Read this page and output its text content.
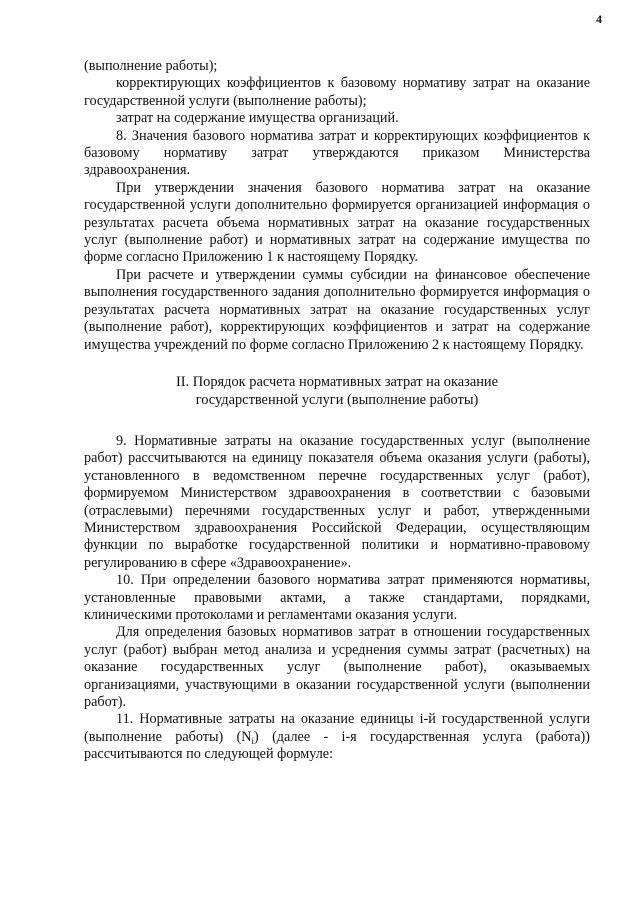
4

(выполнение работы);

корректирующих коэффициентов к базовому нормативу затрат на оказание государственной услуги (выполнение работы);

затрат на содержание имущества организаций.

8. Значения базового норматива затрат и корректирующих коэффициентов к базовому нормативу затрат утверждаются приказом Министерства здравоохранения.

При утверждении значения базового норматива затрат на оказание государственной услуги дополнительно формируется организацией информация о результатах расчета объема нормативных затрат на оказание государственных услуг (выполнение работ) и нормативных затрат на содержание имущества по форме согласно Приложению 1 к настоящему Порядку.

При расчете и утверждении суммы субсидии на финансовое обеспечение выполнения государственного задания дополнительно формируется информация о результатах расчета нормативных затрат на оказание государственных услуг (выполнение работ), корректирующих коэффициентов и затрат на содержание имущества учреждений по форме согласно Приложению 2 к настоящему Порядку.

II. Порядок расчета нормативных затрат на оказание

государственной услуги (выполнение работы)

9. Нормативные затраты на оказание государственных услуг (выполнение работ) рассчитываются на единицу показателя объема оказания услуги (работы), установленного в ведомственном перечне государственных услуг (работ), формируемом Министерством здравоохранения в соответствии с базовыми (отраслевыми) перечнями государственных услуг и работ, утвержденными Министерством здравоохранения Российской Федерации, осуществляющим функции по выработке государственной политики и нормативно-правовому регулированию в сфере «Здравоохранение».

10. При определении базового норматива затрат применяются нормативы, установленные правовыми актами, а также стандартами, порядками, клиническими протоколами и регламентами оказания услуги.

Для определения базовых нормативов затрат в отношении государственных услуг (работ) выбран метод анализа и усреднения суммы затрат (расчетных) на оказание государственных услуг (выполнение работ), оказываемых организациями, участвующими в оказании государственной услуги (выполнении работ).

11. Нормативные затраты на оказание единицы i-й государственной услуги (выполнение работы) $(N_i)$ (далее - i-я государственная услуга (работа)) рассчитываются по следующей формуле:
